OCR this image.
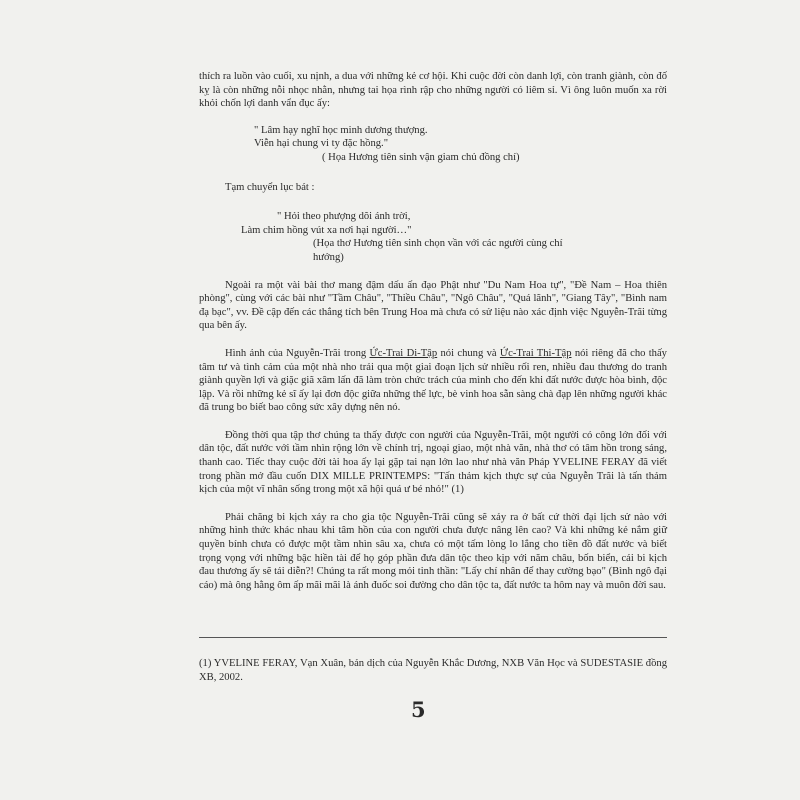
thích ra luồn vào cuối, xu nịnh, a dua với những kẻ cơ hội. Khi cuộc đời còn danh lợi, còn tranh giành, còn đố kỵ là còn những nỗi nhọc nhằn, nhưng tai họa rình rập cho những người có liêm sỉ. Vì ông luôn muốn xa rời khỏi chốn lợi danh vẩn đục ấy:

" Lâm hạy nghĩ học minh dương thượng.
Viễn hại chung vi ty đặc hồng."
( Họa Hương tiên sinh vận giam chủ đồng chí)

Tạm chuyển lục bát :

" Hỏi theo phượng dõi ánh trời,
Làm chim hồng vút xa nơi hại người…"
(Họa thơ Hương tiên sinh chọn vần với các người cùng chí
hướng)

Ngoài ra một vài bài thơ mang đậm dấu ấn đạo Phật như "Du Nam Hoa tự", "Đề Nam – Hoa thiên phòng", cùng với các bài như "Tầm Châu", "Thiều Châu", "Ngô Châu", "Quá lãnh", "Giang Tây", "Bình nam đạ bạc", vv. Đề cập đến các thắng tích bên Trung Hoa mà chưa có sử liệu nào xác định việc Nguyễn-Trãi từng qua bên ấy.

Hình ảnh của Nguyễn-Trãi trong Ức-Trai Di-Tập nói chung và Ức-Trai Thi-Tập nói riêng đã cho thấy tâm tư và tình cảm của một nhà nho trải qua một giai đoạn lịch sử nhiều rối ren, nhiều đau thương do tranh giành quyền lợi và giặc giã xâm lấn đã làm tròn chức trách của mình cho đến khi đất nước được hòa bình, độc lập. Và rồi những kẻ sĩ ấy lại đơn độc giữa những thế lực, bè vinh hoa sẵn sàng chà đạp lên những người khác đã trung bo biết bao công sức xây dựng nên nó.

Đồng thời qua tập thơ chúng ta thấy được con người của Nguyễn-Trãi, một người có công lớn đối với dân tộc, đất nước với tầm nhìn rộng lớn về chính trị, ngoại giao, một nhà văn, nhà thơ có tâm hồn trong sáng, thanh cao. Tiếc thay cuộc đời tài hoa ấy lại gặp tai nạn lớn lao như nhà văn Pháp YVELINE FERAY đã viết trong phần mở đầu cuốn DIX MILLE PRINTEMPS: "Tấn thảm kịch thực sự của Nguyễn Trãi là tấn thảm kịch của một vĩ nhân sống trong một xã hội quá ư bé nhỏ!" (1)

Phải chăng bi kịch xảy ra cho gia tộc Nguyễn-Trãi cũng sẽ xảy ra ở bất cứ thời đại lịch sử nào với những hình thức khác nhau khi tâm hồn của con người chưa được nâng lên cao? Và khi những kẻ nắm giữ quyền bính chưa có được một tầm nhìn sâu xa, chưa có một tấm lòng lo lắng cho tiền đồ đất nước và biết trọng vọng với những bậc hiền tài để họ góp phần đưa dân tộc theo kịp với năm châu, bốn biển, cái bi kịch đau thương ấy sẽ tái diễn?! Chúng ta rất mong mỏi tinh thần: "Lấy chí nhân để thay cường bạo" (Bình ngô đại cáo) mà ông hằng ôm ấp mãi mãi là ánh đuốc soi đường cho dân tộc ta, đất nước ta hôm nay và muôn đời sau.

(1) YVELINE FERAY, Vạn Xuân, bản dịch của Nguyễn Khắc Dương, NXB Văn Học và SUDESTASIE đồng XB, 2002.

5
